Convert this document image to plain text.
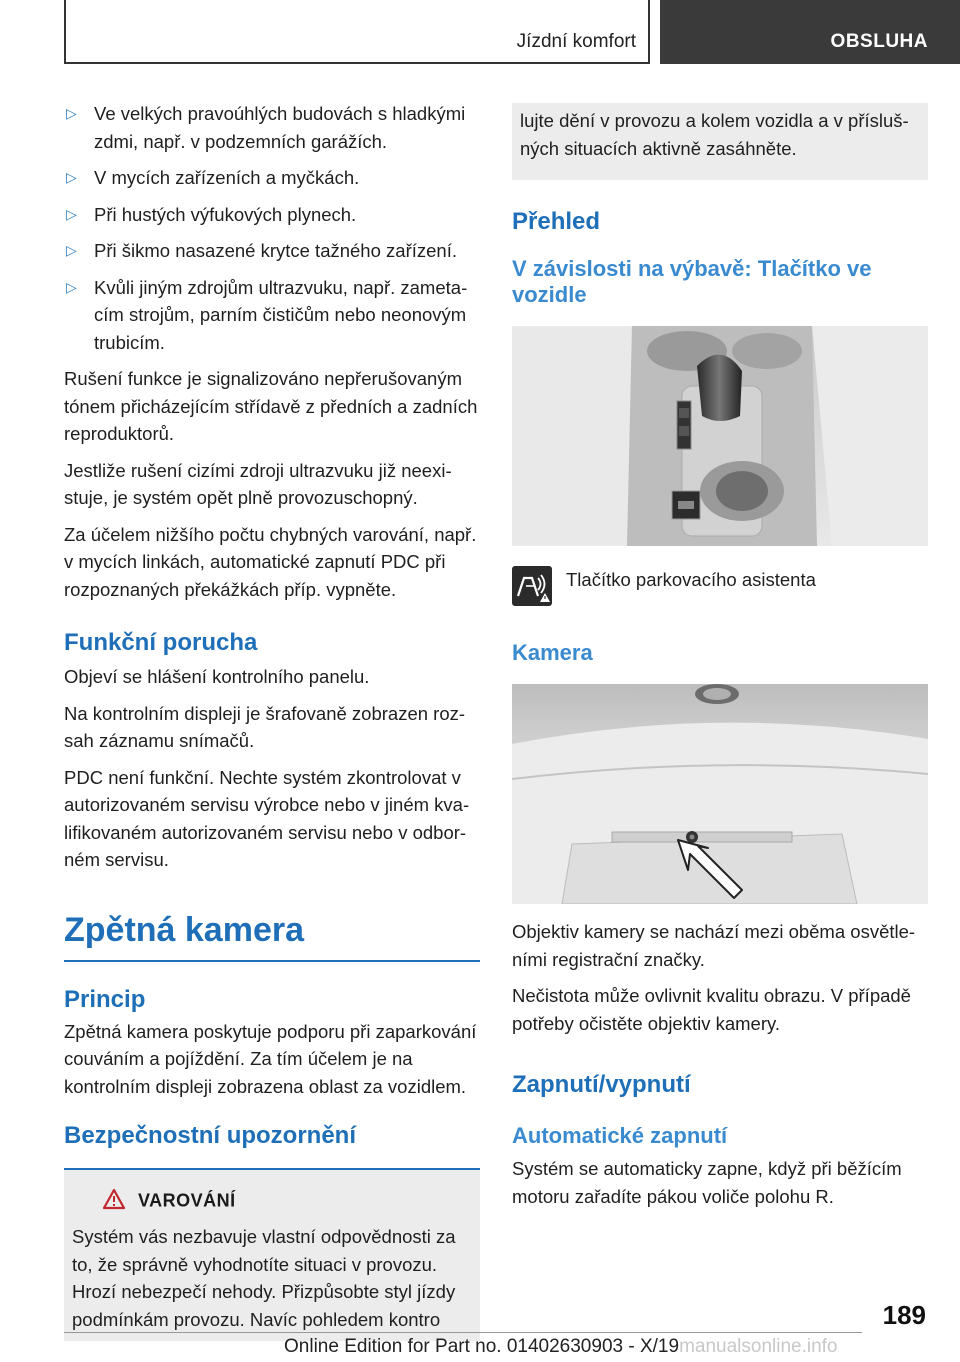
Jízdní komfort	OBSLUHA
▷ Ve velkých pravoúhlých budovách s hladkými zdmi, např. v podzemních garážích.
▷ V mycích zařízeních a myčkách.
▷ Při hustých výfukových plynech.
▷ Při šikmo nasazené krytce tažného zařízení.
▷ Kvůli jiným zdrojům ultrazvuku, např. zametacím strojům, parním čističům nebo neonovým trubicím.

Rušení funkce je signalizováno nepřerušovaným tónem přicházejícím střídavě z předních a zadních reproduktorů.

Jestliže rušení cizími zdroji ultrazvuku již neexistuje, je systém opět plně provozuschopný.

Za účelem nižšího počtu chybných varování, např. v mycích linkách, automatické zapnutí PDC při rozpoznaných překážkách příp. vypněte.

Funkční porucha

Objeví se hlášení kontrolního panelu.

Na kontrolním displeji je šrafovaně zobrazen rozsah záznamu snímačů.

PDC není funkční. Nechte systém zkontrolovat v autorizovaném servisu výrobce nebo v jiném kvalifikovaném autorizovaném servisu nebo v odborném servisu.

Zpětná kamera
Princip

Zpětná kamera poskytuje podporu při zaparkování couváním a pojíždění. Za tím účelem je na kontrolním displeji zobrazena oblast za vozidlem.

Bezpečnostní upozornění
VAROVÁNÍ

Systém vás nezbavuje vlastní odpovědnosti za to, že správně vyhodnotíte situaci v provozu. Hrozí nebezpečí nehody. Přizpůsobte styl jízdy podmínkám provozu. Navíc pohledem kontro

lujte dění v provozu a kolem vozidla a v příslušných situacích aktivně zasáhněte.

Přehled
V závislosti na výbavě: Tlačítko ve vozidle

Tlačítko parkovacího asistenta

Kamera

Objektiv kamery se nachází mezi oběma osvětleními registrační značky.

Nečistota může ovlivnit kvalitu obrazu. V případě potřeby očistěte objektiv kamery.

Zapnutí/vypnutí
Automatické zapnutí

Systém se automaticky zapne, když při běžícím motoru zařadíte pákou voliče polohu R.

189
Online Edition for Part no. 01402630903 - X/19manualsonline.info
